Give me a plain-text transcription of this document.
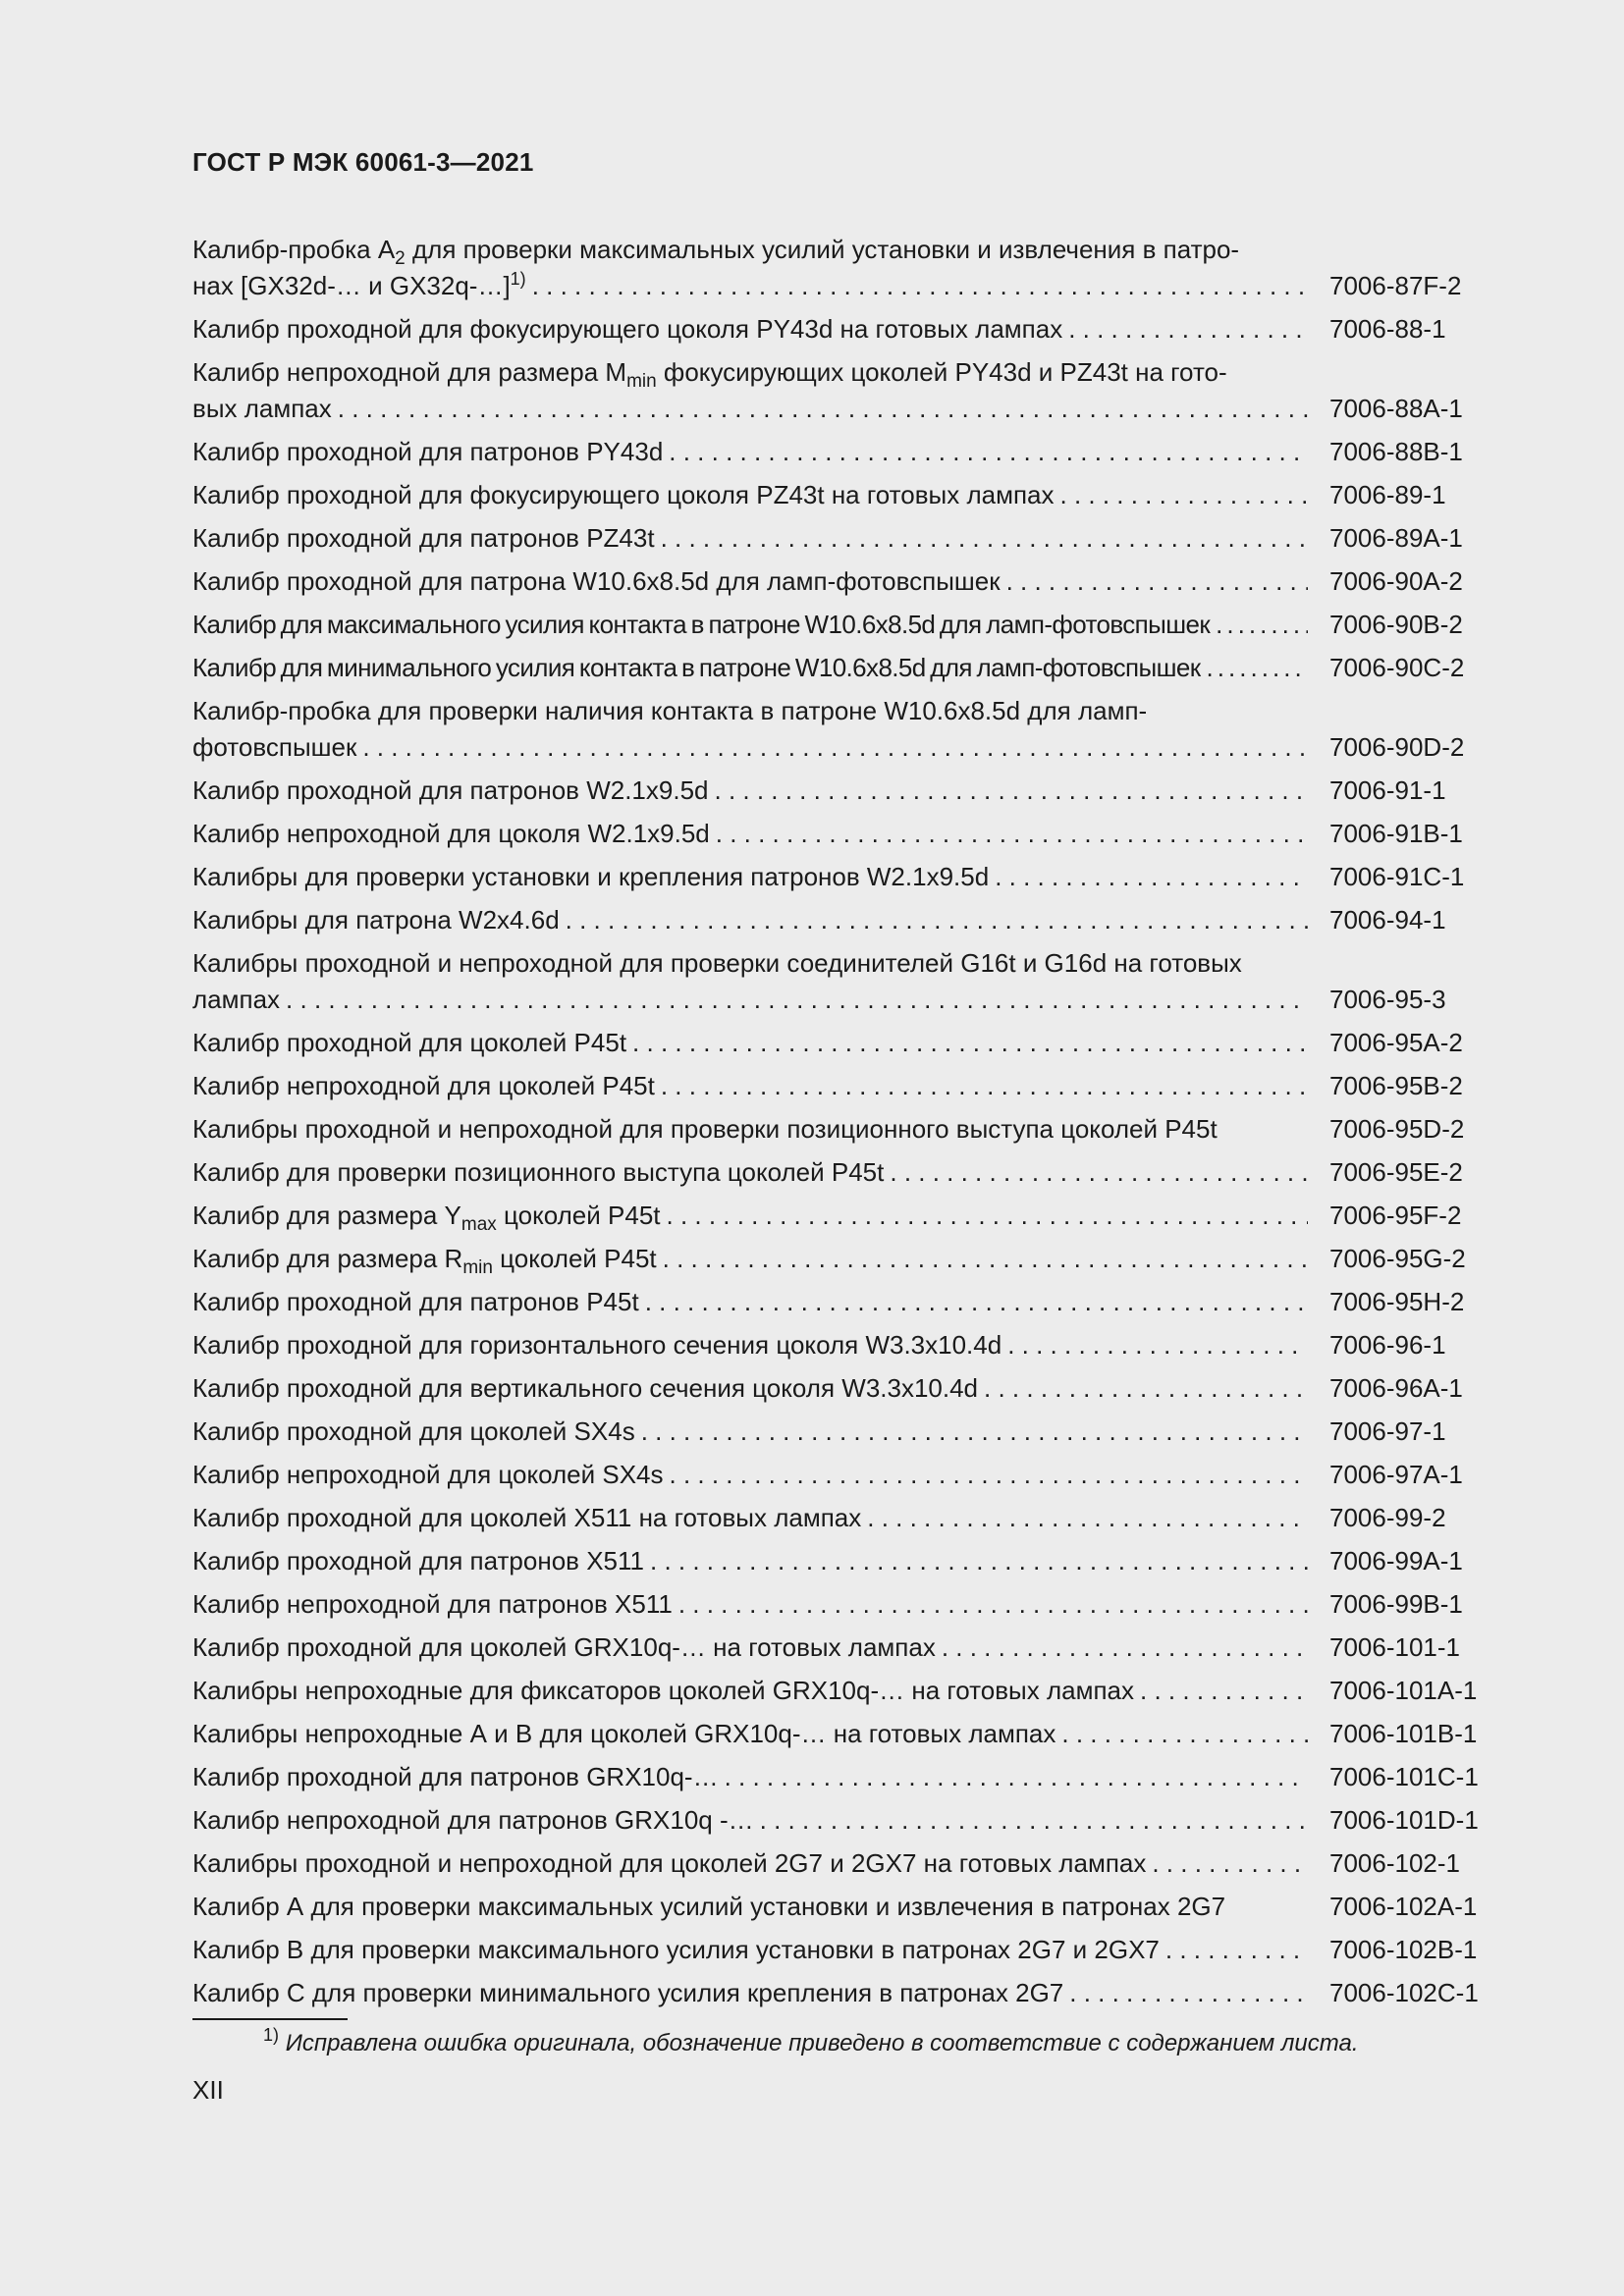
ГОСТ Р МЭК 60061-3—2021
Калибр-пробка $А_2$ для проверки максимальных усилий установки и извлечения в патро-
нах [GX32d-… и GX32q-…]$^{1)}$ . . .	7006-87F-2
Калибр проходной для фокусирующего цоколя PY43d на готовых лампах . . .	7006-88-1
Калибр непроходной для размера $М_{min}$ фокусирующих цоколей PY43d и PZ43t на гото-
вых лампах . . .	7006-88A-1
Калибр проходной для патронов PY43d . . .	7006-88B-1
Калибр проходной для фокусирующего цоколя PZ43t на готовых лампах . . .	7006-89-1
Калибр проходной для патронов PZ43t . . .	7006-89A-1
Калибр проходной для патрона W10.6x8.5d для ламп-фотовспышек . . .	7006-90A-2
Калибр для максимального усилия контакта в патроне W10.6x8.5d для ламп-фотовспышек . . .	7006-90B-2
Калибр для минимального усилия контакта в патроне W10.6x8.5d для ламп-фотовспышек . . .	7006-90C-2
Калибр-пробка для проверки наличия контакта в патроне W10.6x8.5d для ламп-
фотовспышек . . .	7006-90D-2
Калибр проходной для патронов W2.1x9.5d . . .	7006-91-1
Калибр непроходной для цоколя W2.1x9.5d . . .	7006-91B-1
Калибры для проверки установки и крепления патронов W2.1x9.5d . . .	7006-91C-1
Калибры для патрона W2x4.6d . . .	7006-94-1
Калибры проходной и непроходной для проверки соединителей G16t и G16d на готовых
лампах . . .	7006-95-3
Калибр проходной для цоколей P45t . . .	7006-95A-2
Калибр непроходной для цоколей P45t . . .	7006-95B-2
Калибры проходной и непроходной для проверки позиционного выступа цоколей P45t	7006-95D-2
Калибр для проверки позиционного выступа цоколей P45t . . .	7006-95E-2
Калибр для размера $Y_{max}$ цоколей P45t . . .	7006-95F-2
Калибр для размера $R_{min}$ цоколей P45t . . .	7006-95G-2
Калибр проходной для патронов P45t . . .	7006-95H-2
Калибр проходной для горизонтального сечения цоколя W3.3x10.4d . . .	7006-96-1
Калибр проходной для вертикального сечения цоколя W3.3x10.4d . . .	7006-96A-1
Калибр проходной для цоколей SX4s . . .	7006-97-1
Калибр непроходной для цоколей SX4s . . .	7006-97A-1
Калибр проходной для цоколей X511 на готовых лампах . . .	7006-99-2
Калибр проходной для патронов X511 . . .	7006-99A-1
Калибр непроходной для патронов X511 . . .	7006-99B-1
Калибр проходной для цоколей GRX10q-… на готовых лампах . . .	7006-101-1
Калибры непроходные для фиксаторов цоколей GRX10q-… на готовых лампах . . .	7006-101A-1
Калибры непроходные А и В для цоколей GRX10q-… на готовых лампах . . .	7006-101B-1
Калибр проходной для патронов GRX10q-… . . .	7006-101C-1
Калибр непроходной для патронов GRX10q -… . . .	7006-101D-1
Калибры проходной и непроходной для цоколей 2G7 и 2GX7 на готовых лампах . . .	7006-102-1
Калибр А для проверки максимальных усилий установки и извлечения в патронах 2G7	7006-102A-1
Калибр В для проверки максимального усилия установки в патронах 2G7 и 2GX7 . . .	7006-102B-1
Калибр С для проверки минимального усилия крепления в патронах 2G7 . . .	7006-102C-1
$^{1)}$ Исправлена ошибка оригинала, обозначение приведено в соответствие с содержанием листа.
XII
